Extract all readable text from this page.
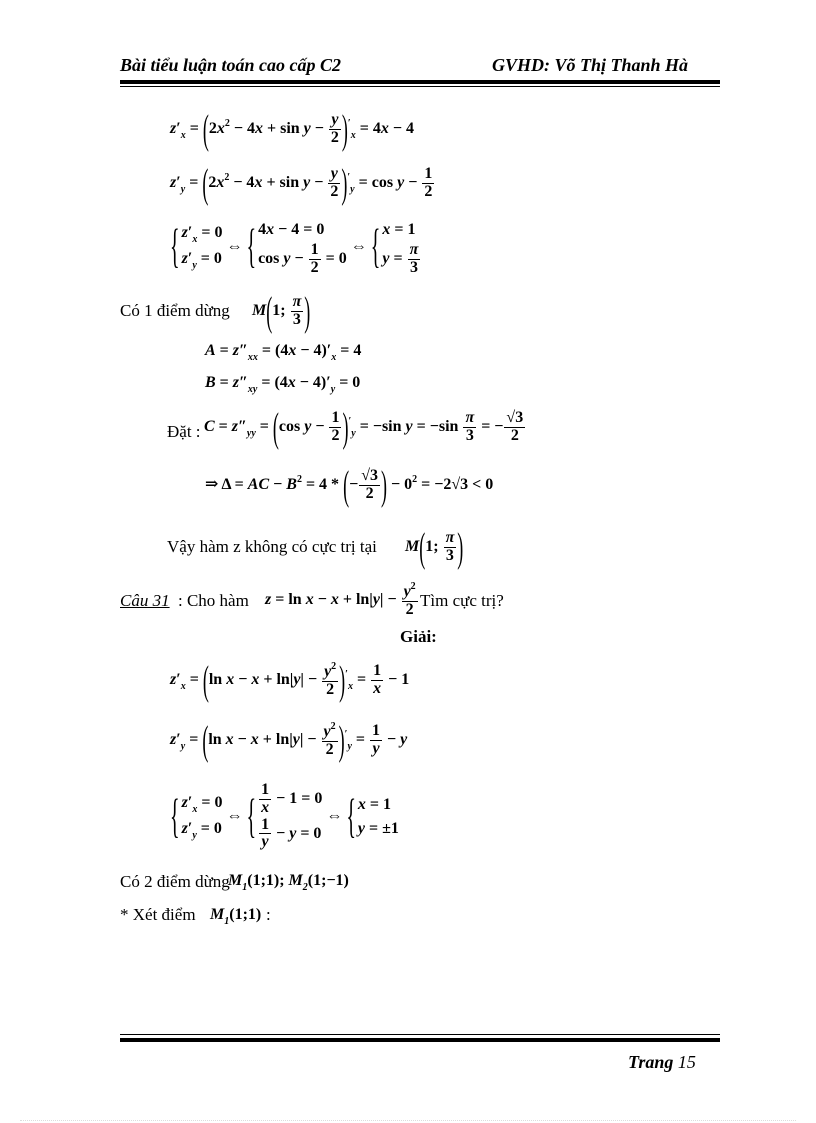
Bài tiểu luận toán cao cấp C2	GVHD: Võ Thị Thanh Hà
$z'_x = (2x^2 - 4x + \sin y - \frac{y}{2} )'_x = 4x - 4$
$z'_y = (2x^2 - 4x + \sin y - \frac{y}{2} )'_y = \cos y - \frac{1}{2}$
{ $z'_x = 0$
$z'_y = 0$
⇔ { 4x − 4 = 0
$\cos y - \frac{1}{2} = 0$
⇔ { x = 1
$y = \frac{\pi}{3}$
Có 1 điểm dừng M(1; $\frac{\pi}{3}$ )
$A = z''_{xx} = (4x - 4)'_x = 4$
$B = z''_{xy} = (4x - 4)'_y = 0$
Đặt : $C = z''_{yy} = (\cos$ $y - \frac{1}{2} )'_y = -\sin$ $y = -\sin \frac{\pi}{3}$ = − $\frac{√3}{2}$
⇒ Δ = AC − $B^2 = 4$ * (− $\frac{√3}{2}$ ) − $0^2 = -2√3 < 0$
Vậy hàm z không có cực trị tại M(1; $\frac{\pi}{3}$ )
Câu 31 : Cho hàm $z = \ln x - x + \ln|y| - \frac{y^2}{2}$ Tìm cực trị?
Giải:
$z'_x = (\ln$ $x - x + \ln|y| - \frac{y^2}{2} )'_x = \frac{1}{x} - 1$
$z'_y = (\ln$ $x - x + \ln|y| - \frac{y^2}{2} )'_y = \frac{1}{y} - y$
{ $z'_x = 0$
$z'_y = 0$
⇔ { $\frac{1}{x} - 1 = 0$
$\frac{1}{y} - y = 0$
⇔ { x = 1
y = ±1
Có 2 điểm dừng
$M_1(1;1)$; $M_2(1;-1)$
* Xét điểm $M_1(1;1)$ :
Trang 15
